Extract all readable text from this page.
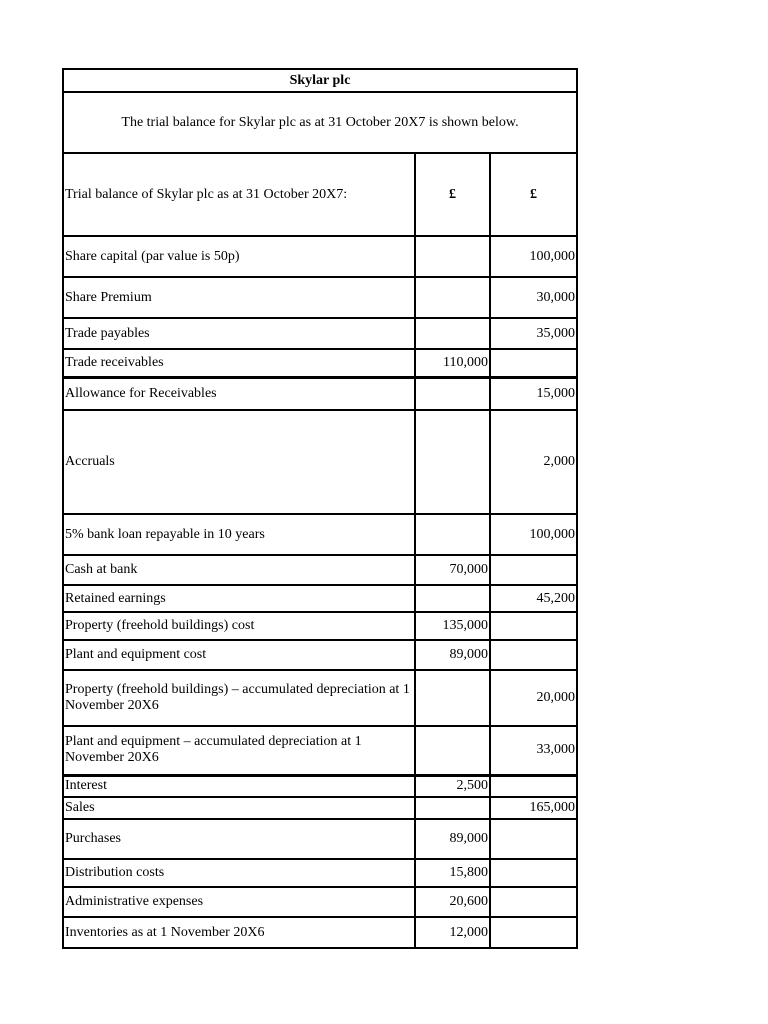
Skylar plc		
The trial balance for Skylar plc as at 31 October 20X7 is shown below.		
Trial balance of Skylar plc as at 31 October 20X7:	£	£
Share capital (par value is 50p)		100,000
Share Premium		30,000
Trade payables		35,000
Trade receivables	110,000	
Allowance for Receivables		15,000
Accruals		2,000
5% bank loan repayable in 10 years		100,000
Cash at bank	70,000	
Retained earnings		45,200
Property (freehold buildings) cost	135,000	
Plant and equipment cost	89,000	
Property (freehold buildings) – accumulated depreciation at 1 November 20X6		20,000
Plant and equipment – accumulated depreciation at 1 November 20X6		33,000
Interest	2,500	
Sales		165,000
Purchases	89,000	
Distribution costs	15,800	
Administrative expenses	20,600	
Inventories as at 1 November 20X6	12,000	
